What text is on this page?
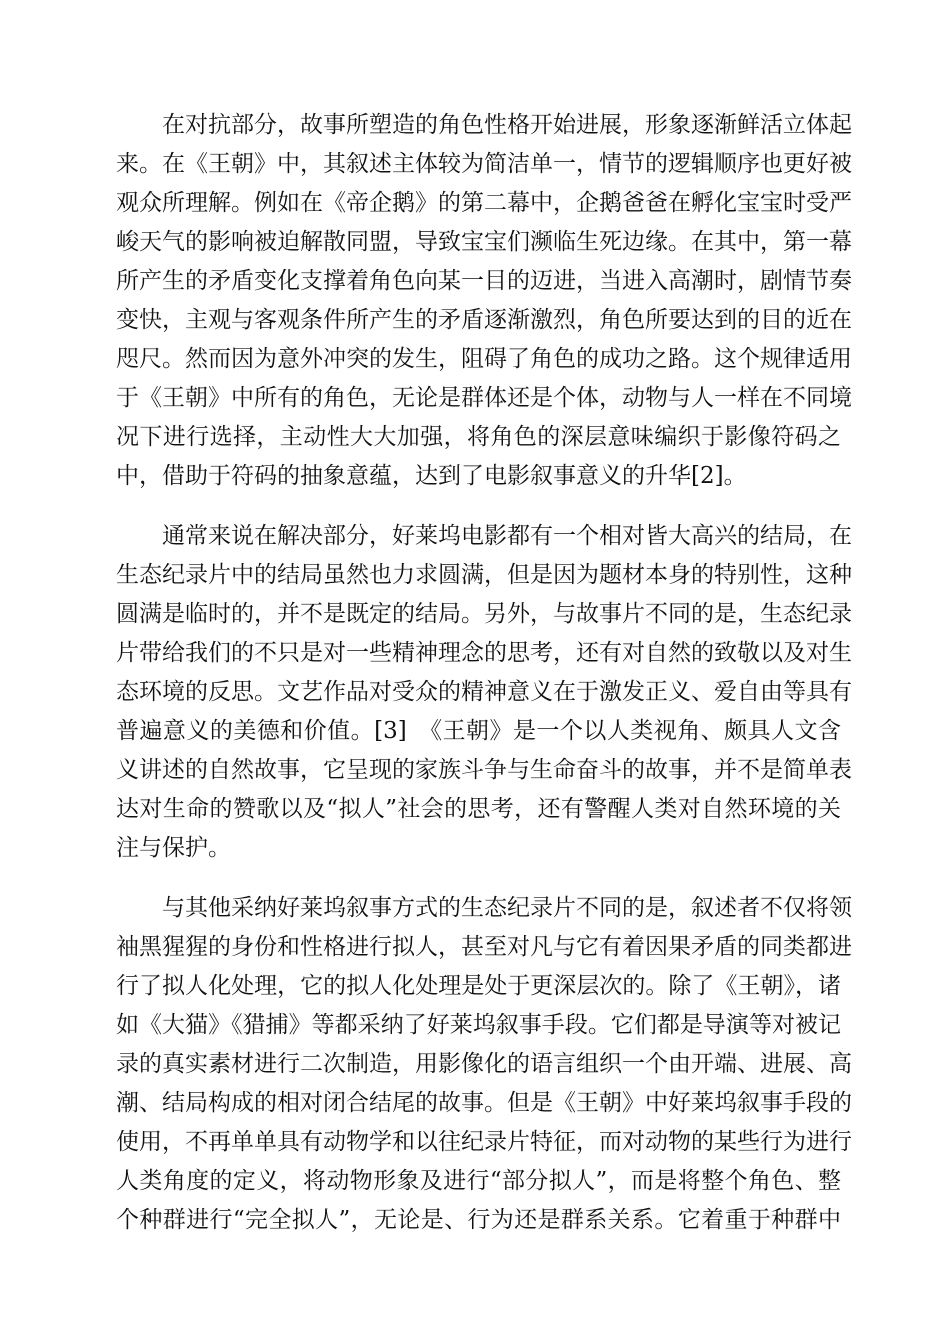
在对抗部分，故事所塑造的角色性格开始进展，形象逐渐鲜活立体起
来。在《王朝》中，其叙述主体较为简洁单一，情节的逻辑顺序也更好被
观众所理解。例如在《帝企鹅》的第二幕中，企鹅爸爸在孵化宝宝时受严
峻天气的影响被迫解散同盟，导致宝宝们濒临生死边缘。在其中，第一幕
所产生的矛盾变化支撑着角色向某一目的迈进，当进入高潮时，剧情节奏
变快，主观与客观条件所产生的矛盾逐渐激烈，角色所要达到的目的近在
咫尺。然而因为意外冲突的发生，阻碍了角色的成功之路。这个规律适用
于《王朝》中所有的角色，无论是群体还是个体，动物与人一样在不同境
况下进行选择，主动性大大加强，将角色的深层意味编织于影像符码之
中，借助于符码的抽象意蕴，达到了电影叙事意义的升华[2]。
通常来说在解决部分，好莱坞电影都有一个相对皆大高兴的结局，在
生态纪录片中的结局虽然也力求圆满，但是因为题材本身的特别性，这种
圆满是临时的，并不是既定的结局。另外，与故事片不同的是，生态纪录
片带给我们的不只是对一些精神理念的思考，还有对自然的致敬以及对生
态环境的反思。文艺作品对受众的精神意义在于激发正义、爱自由等具有
普遍意义的美德和价值。[3]　《王朝》是一个以人类视角、颇具人文含
义讲述的自然故事，它呈现的家族斗争与生命奋斗的故事，并不是简单表
达对生命的赞歌以及“拟人”社会的思考，还有警醒人类对自然环境的关
注与保护。
与其他采纳好莱坞叙事方式的生态纪录片不同的是，叙述者不仅将领
袖黑猩猩的身份和性格进行拟人，甚至对凡与它有着因果矛盾的同类都进
行了拟人化处理，它的拟人化处理是处于更深层次的。除了《王朝》，诸
如《大猫》《猎捕》等都采纳了好莱坞叙事手段。它们都是导演等对被记
录的真实素材进行二次制造，用影像化的语言组织一个由开端、进展、高
潮、结局构成的相对闭合结尾的故事。但是《王朝》中好莱坞叙事手段的
使用，不再单单具有动物学和以往纪录片特征，而对动物的某些行为进行
人类角度的定义，将动物形象及进行“部分拟人”，而是将整个角色、整
个种群进行“完全拟人”，无论是、行为还是群系关系。它着重于种群中
